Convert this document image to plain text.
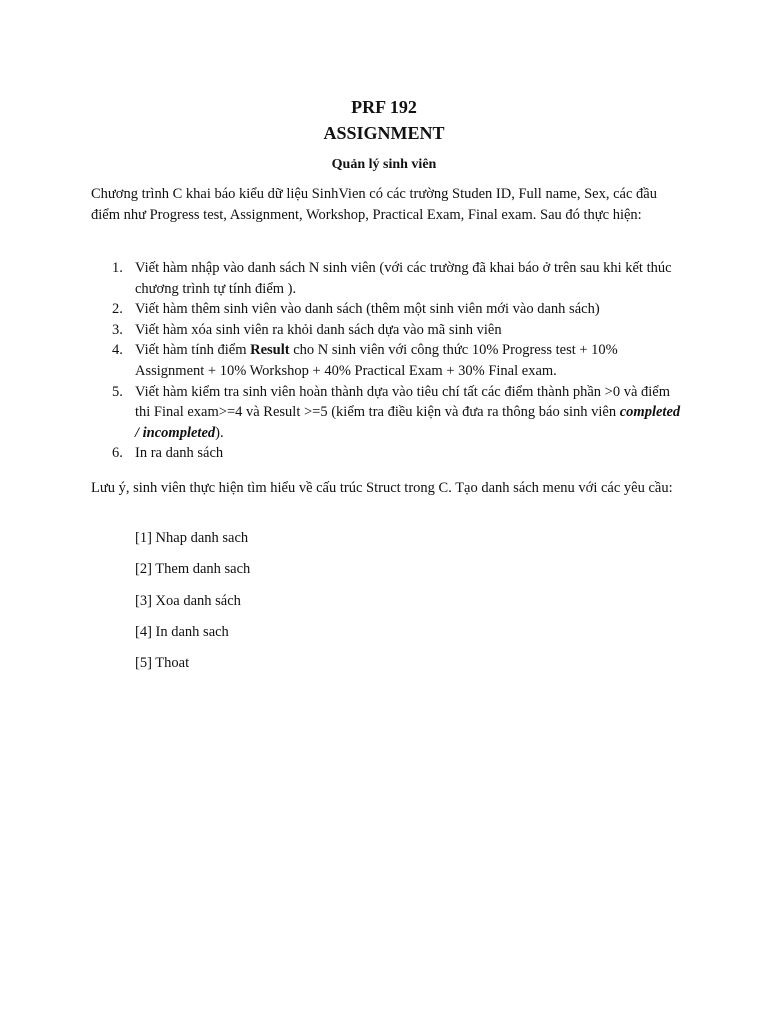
PRF 192
ASSIGNMENT
Quản lý sinh viên
Chương trình C khai báo kiểu dữ liệu SinhVien có các trường Studen ID, Full name, Sex, các đầu điểm như Progress test, Assignment, Workshop, Practical Exam, Final exam. Sau đó thực hiện:
1. Viết hàm nhập vào danh sách N sinh viên (với các trường đã khai báo ở trên sau khi kết thúc chương trình tự tính điểm ).
2. Viết hàm thêm sinh viên vào danh sách (thêm một sinh viên mới vào danh sách)
3. Viết hàm xóa sinh viên ra khỏi danh sách dựa vào mã sinh viên
4. Viết hàm tính điểm Result cho N sinh viên với công thức 10% Progress test + 10% Assignment + 10% Workshop + 40% Practical Exam + 30% Final exam.
5. Viết hàm kiểm tra sinh viên hoàn thành dựa vào tiêu chí tất các điểm thành phần >0 và điểm thi Final exam>=4 và Result >=5 (kiểm tra điều kiện và đưa ra thông báo sinh viên completed / incompleted).
6. In ra danh sách
Lưu ý, sinh viên thực hiện tìm hiểu về cấu trúc Struct trong C. Tạo danh sách menu với các yêu cầu:
[1] Nhap danh sach
[2] Them danh sach
[3] Xoa danh sách
[4] In danh sach
[5] Thoat
